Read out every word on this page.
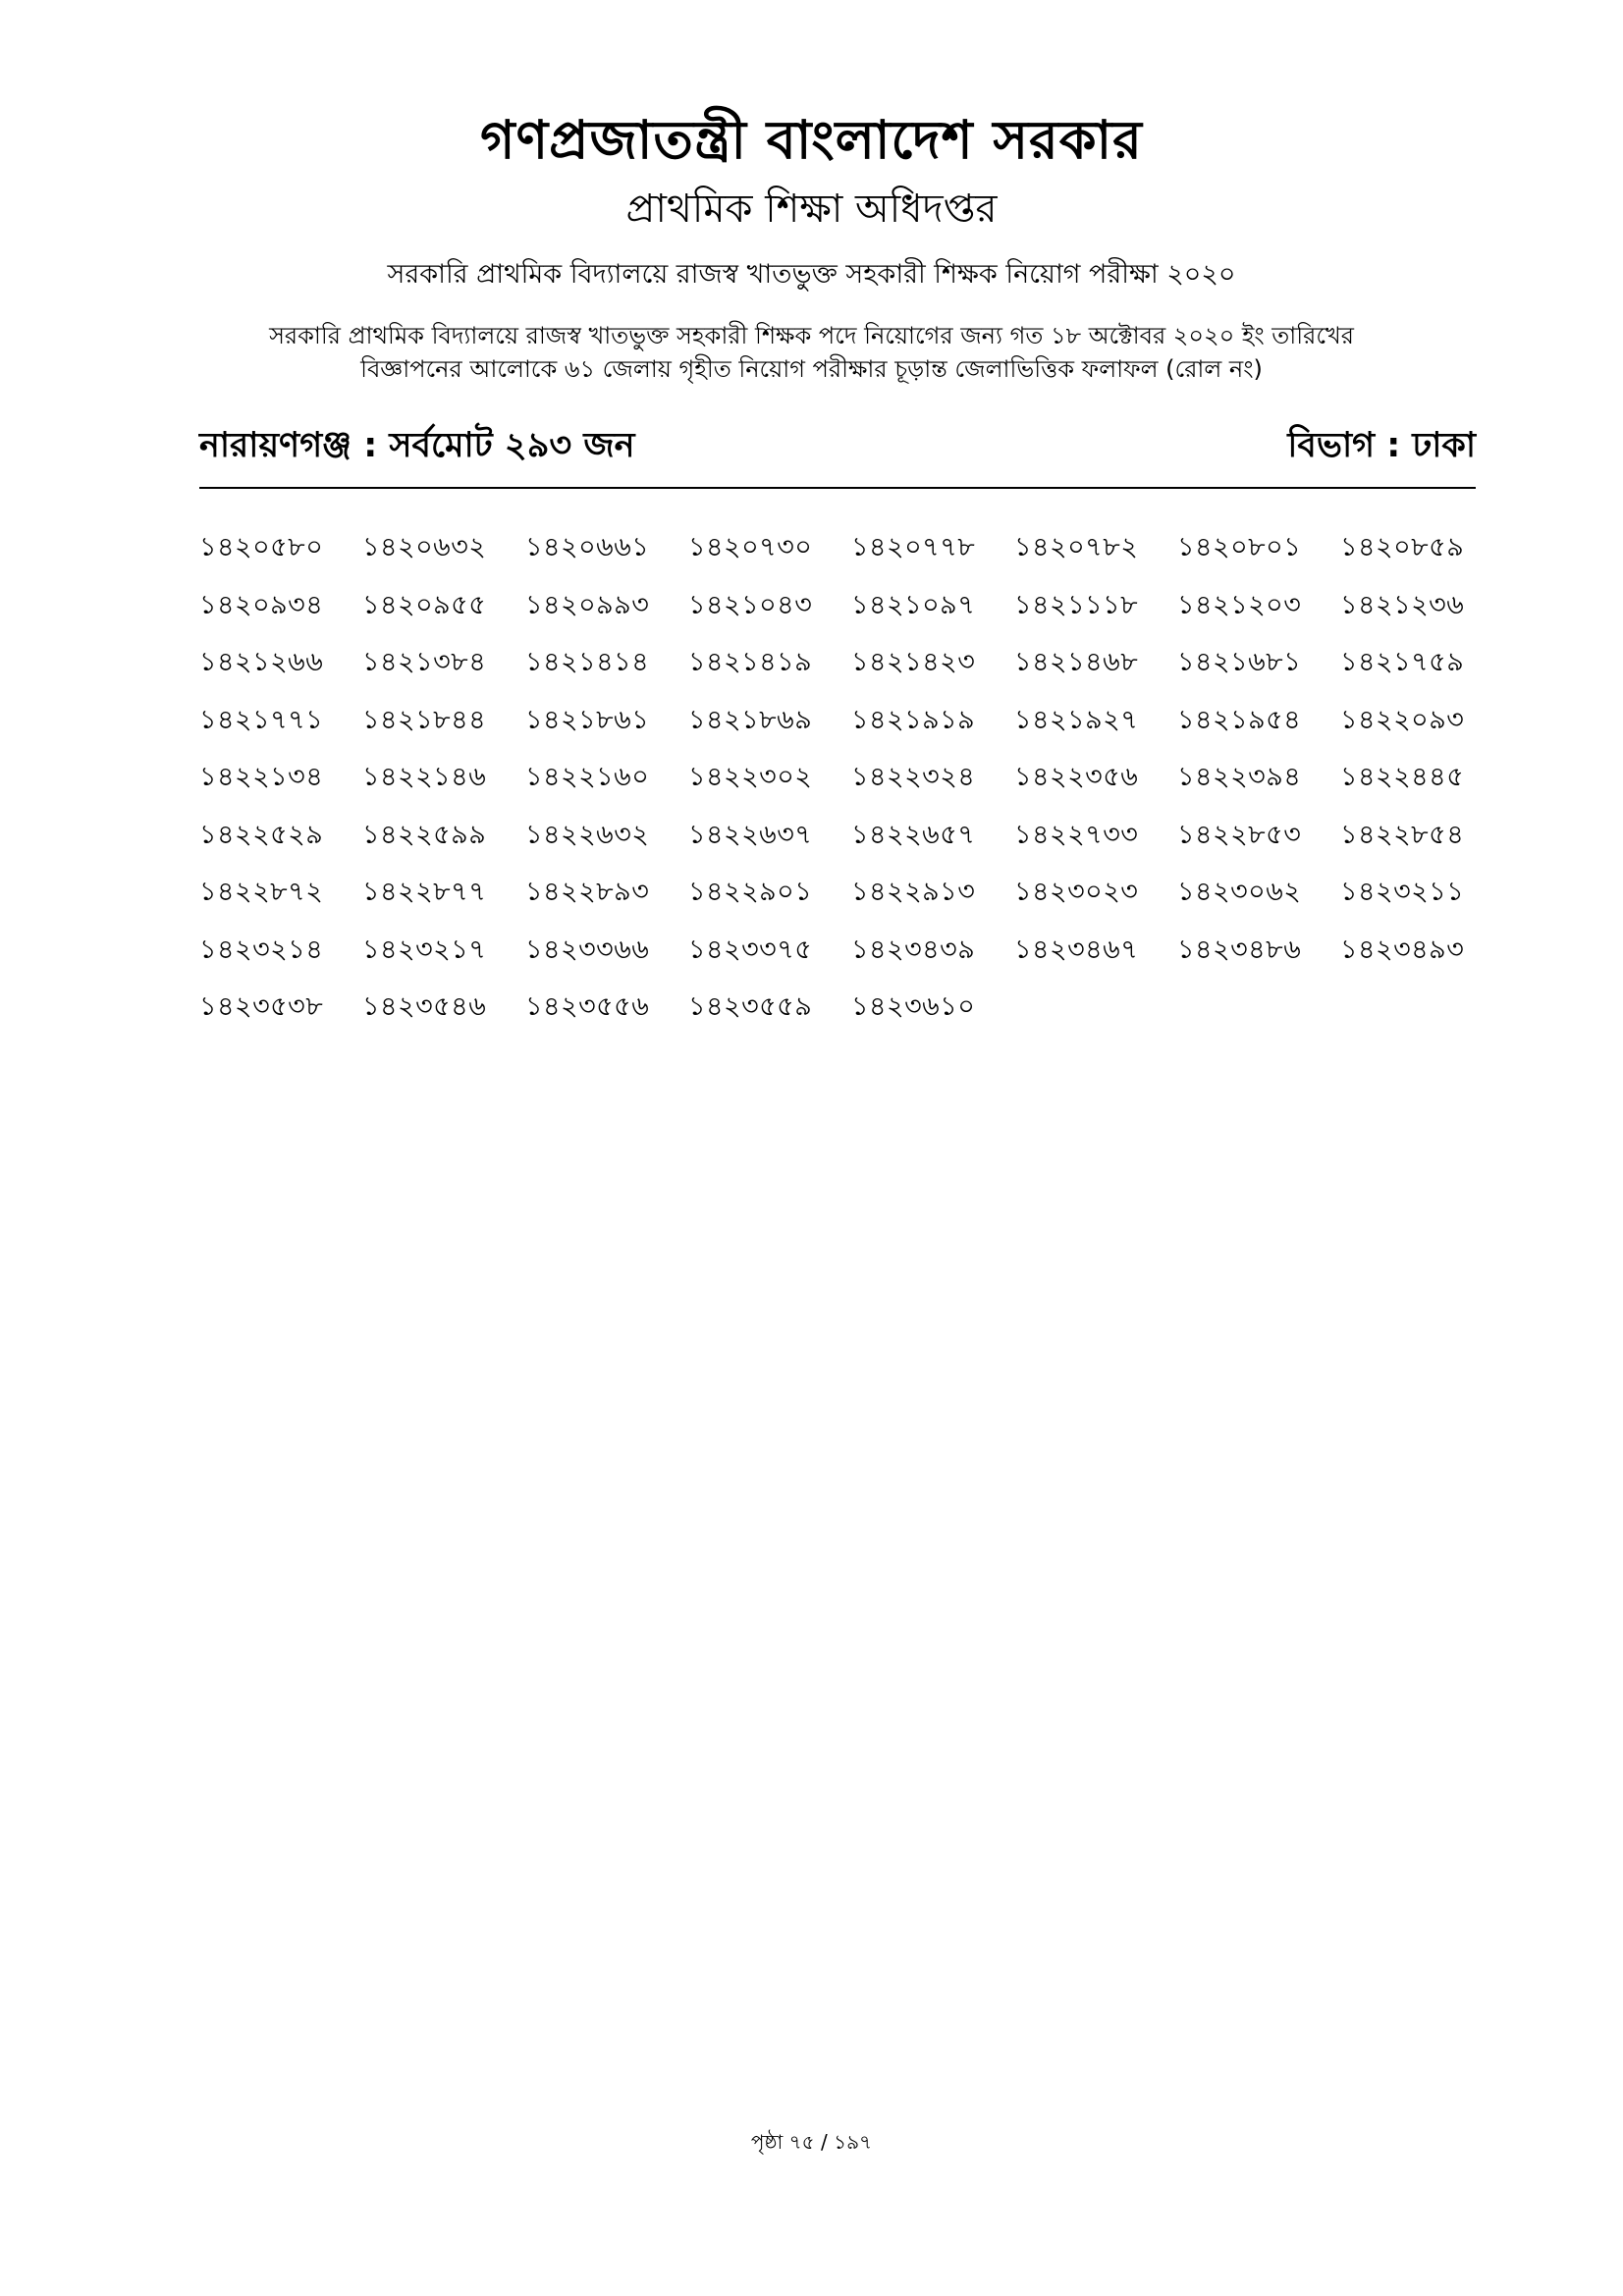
গণপ্রজাতন্ত্রী বাংলাদেশ সরকার
প্রাথমিক শিক্ষা অধিদপ্তর
সরকারি প্রাথমিক বিদ্যালয়ে রাজস্ব খাতভুক্ত সহকারী শিক্ষক নিয়োগ পরীক্ষা ২০২০
সরকারি প্রাথমিক বিদ্যালয়ে রাজস্ব খাতভুক্ত সহকারী শিক্ষক পদে নিয়োগের জন্য গত ১৮ অক্টোবর ২০২০ ইং তারিখের
বিজ্ঞাপনের আলোকে ৬১ জেলায় গৃহীত নিয়োগ পরীক্ষার চূড়ান্ত জেলাভিত্তিক ফলাফল (রোল নং)
নারায়ণগঞ্জ : সর্বমোট ২৯৩ জন	বিভাগ : ঢাকা
১৪২০৫৮০	১৪২০৬৩২	১৪২০৬৬১	১৪২০৭৩০	১৪২০৭৭৮	১৪২০৭৮২	১৪২০৮০১	১৪২০৮৫৯
১৪২০৯৩৪	১৪২০৯৫৫	১৪২০৯৯৩	১৪২১০৪৩	১৪২১০৯৭	১৪২১১১৮	১৪২১২০৩	১৪২১২৩৬
১৪২১২৬৬	১৪২১৩৮৪	১৪২১৪১৪	১৪২১৪১৯	১৪২১৪২৩	১৪২১৪৬৮	১৪২১৬৮১	১৪২১৭৫৯
১৪২১৭৭১	১৪২১৮৪৪	১৪২১৮৬১	১৪২১৮৬৯	১৪২১৯১৯	১৪২১৯২৭	১৪২১৯৫৪	১৪২২০৯৩
১৪২২১৩৪	১৪২২১৪৬	১৪২২১৬০	১৪২২৩০২	১৪২২৩২৪	১৪২২৩৫৬	১৪২২৩৯৪	১৪২২৪৪৫
১৪২২৫২৯	১৪২২৫৯৯	১৪২২৬৩২	১৪২২৬৩৭	১৪২২৬৫৭	১৪২২৭৩৩	১৪২২৮৫৩	১৪২২৮৫৪
১৪২২৮৭২	১৪২২৮৭৭	১৪২২৮৯৩	১৪২২৯০১	১৪২২৯১৩	১৪২৩০২৩	১৪২৩০৬২	১৪২৩২১১
১৪২৩২১৪	১৪২৩২১৭	১৪২৩৩৬৬	১৪২৩৩৭৫	১৪২৩৪৩৯	১৪২৩৪৬৭	১৪২৩৪৮৬	১৪২৩৪৯৩
১৪২৩৫৩৮	১৪২৩৫৪৬	১৪২৩৫৫৬	১৪২৩৫৫৯	১৪২৩৬১০
পৃষ্ঠা ৭৫ / ১৯৭
